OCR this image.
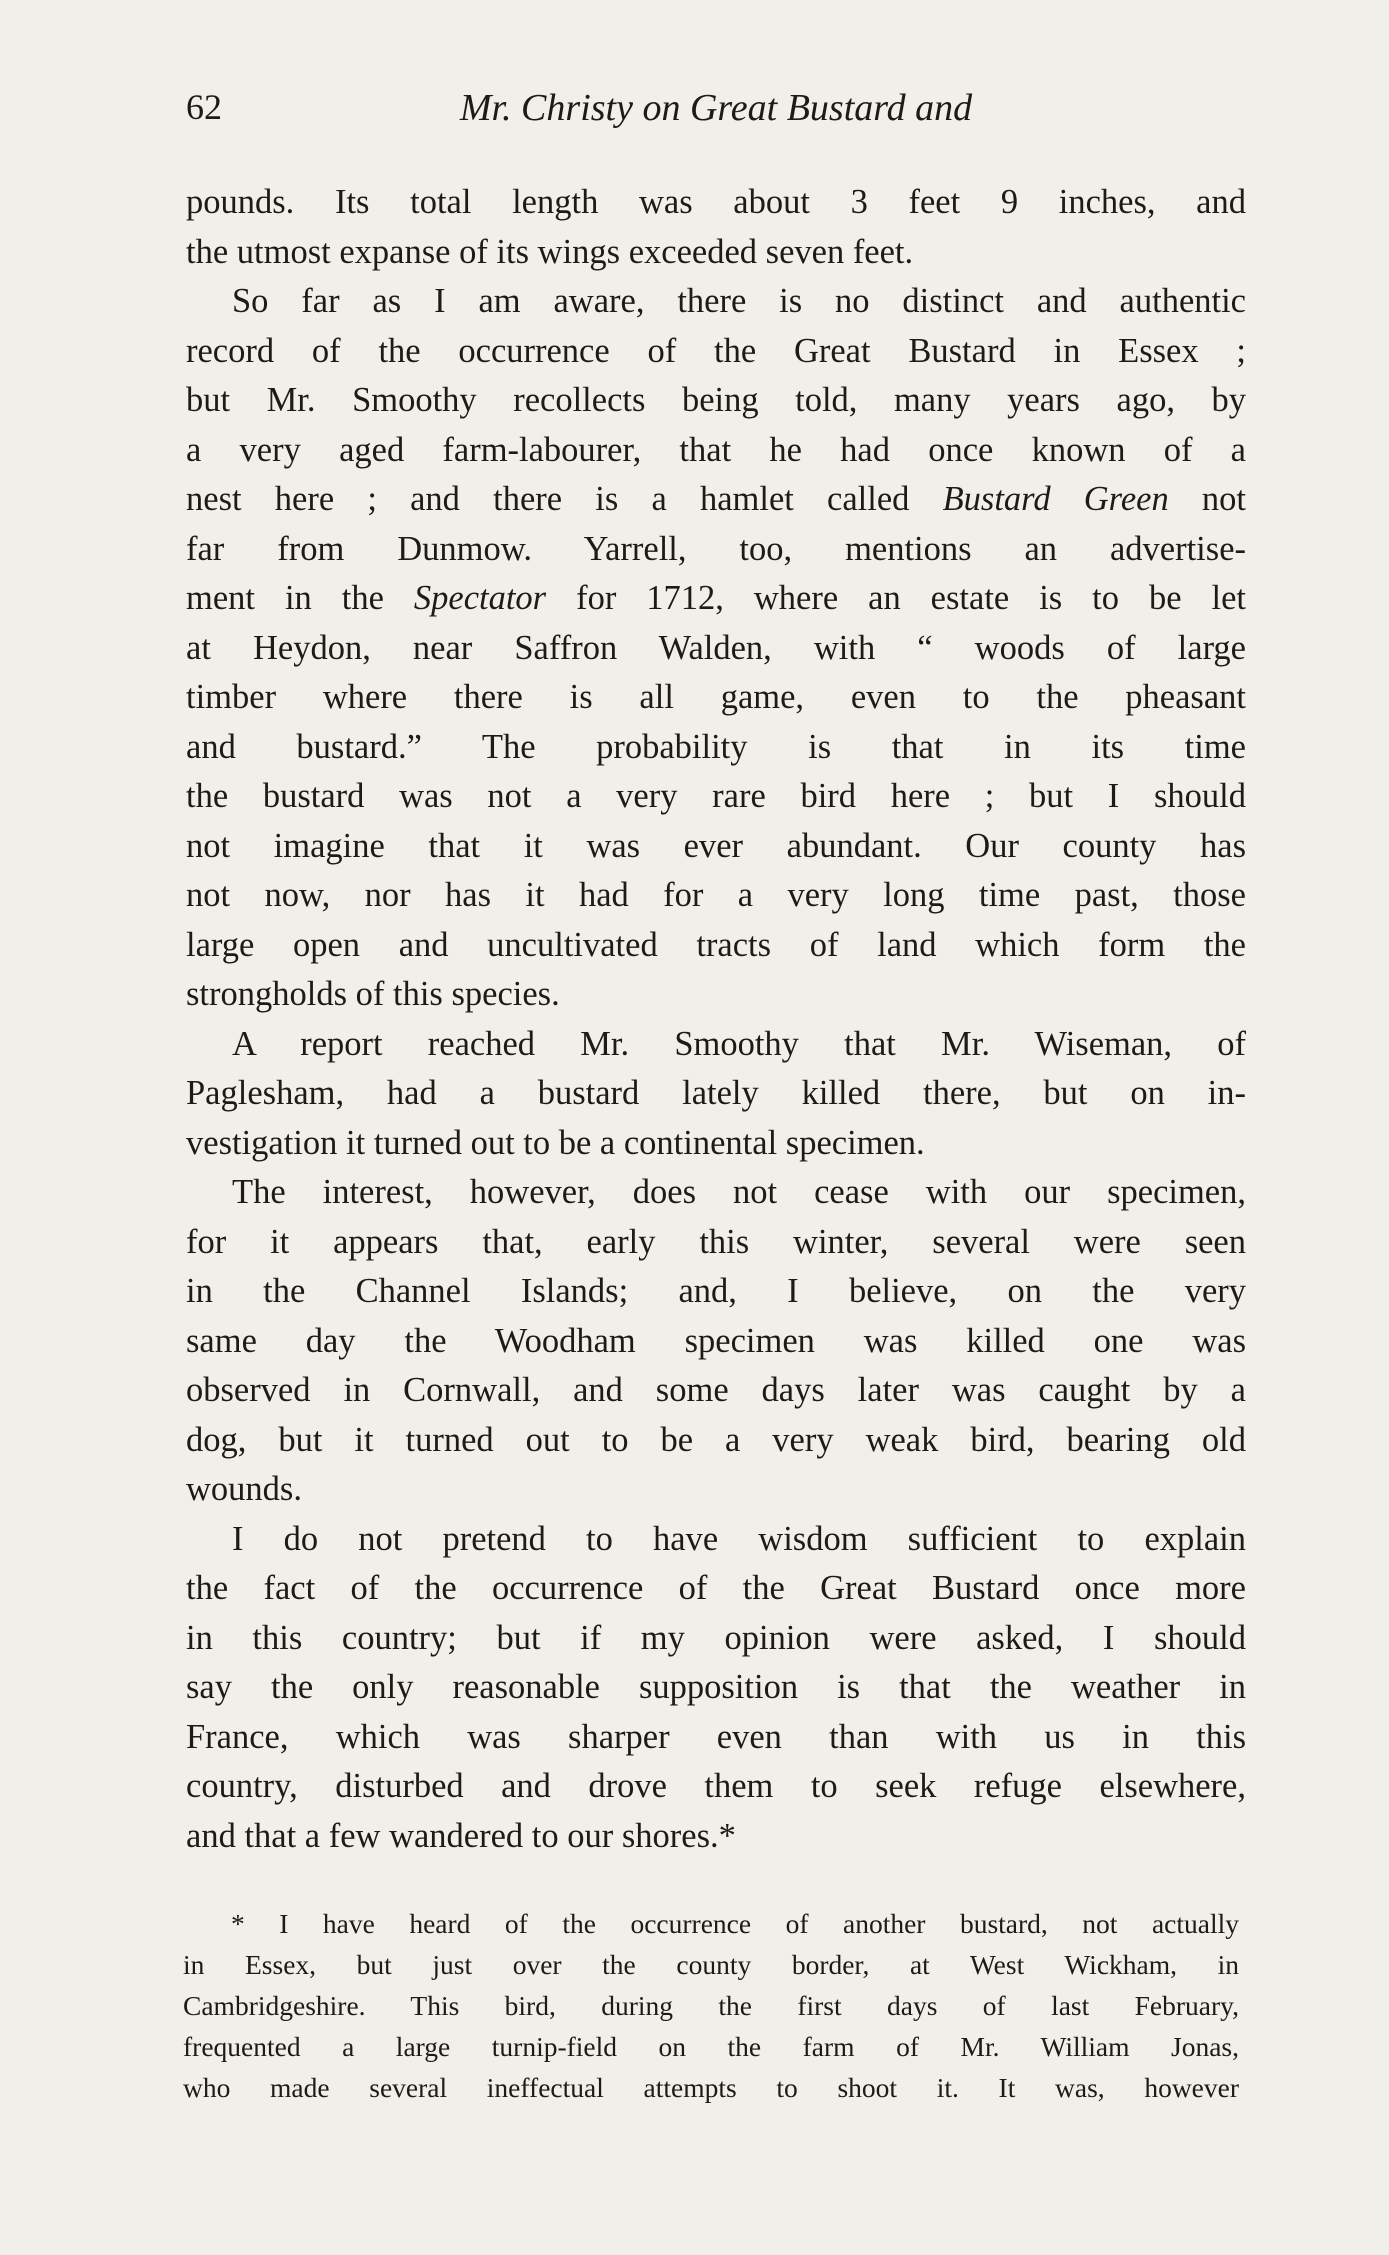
62	Mr. Christy on Great Bustard and
pounds. Its total length was about 3 feet 9 inches, and
the utmost expanse of its wings exceeded seven feet.
So far as I am aware, there is no distinct and authentic
record of the occurrence of the Great Bustard in Essex ;
but Mr. Smoothy recollects being told, many years ago, by
a very aged farm-labourer, that he had once known of a
nest here ; and there is a hamlet called Bustard Green not
far from Dunmow. Yarrell, too, mentions an advertise-
ment in the Spectator for 1712, where an estate is to be let
at Heydon, near Saffron Walden, with “ woods of large
timber where there is all game, even to the pheasant
and bustard.” The probability is that in its time
the bustard was not a very rare bird here ; but I should
not imagine that it was ever abundant. Our county has
not now, nor has it had for a very long time past, those
large open and uncultivated tracts of land which form the
strongholds of this species.
A report reached Mr. Smoothy that Mr. Wiseman, of
Paglesham, had a bustard lately killed there, but on in-
vestigation it turned out to be a continental specimen.
The interest, however, does not cease with our specimen,
for it appears that, early this winter, several were seen
in the Channel Islands; and, I believe, on the very
same day the Woodham specimen was killed one was
observed in Cornwall, and some days later was caught by a
dog, but it turned out to be a very weak bird, bearing old
wounds.
I do not pretend to have wisdom sufficient to explain
the fact of the occurrence of the Great Bustard once more
in this country; but if my opinion were asked, I should
say the only reasonable supposition is that the weather in
France, which was sharper even than with us in this
country, disturbed and drove them to seek refuge elsewhere,
and that a few wandered to our shores.*
* I have heard of the occurrence of another bustard, not actually
in Essex, but just over the county border, at West Wickham, in
Cambridgeshire. This bird, during the first days of last February,
frequented a large turnip-field on the farm of Mr. William Jonas,
who made several ineffectual attempts to shoot it. It was, however
